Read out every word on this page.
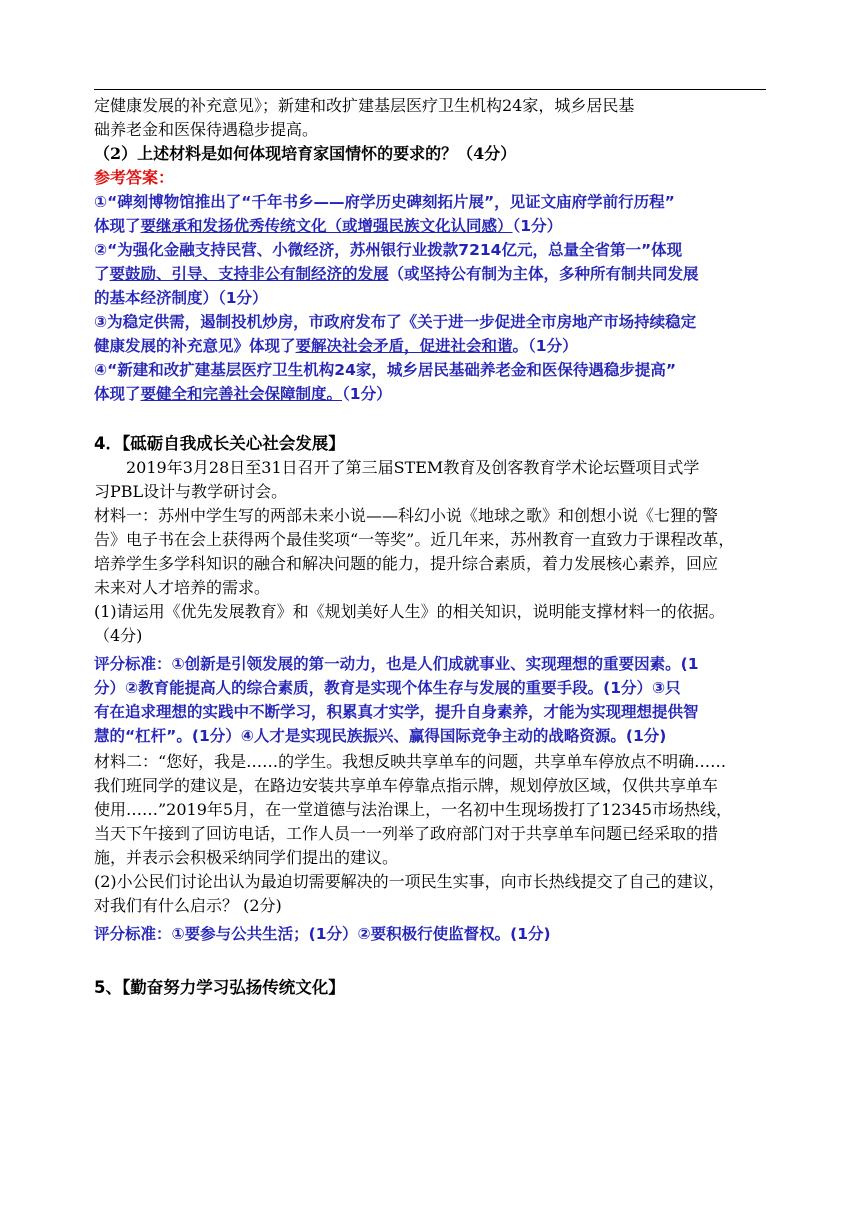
定健康发展的补充意见》；新建和改扩建基层医疗卫生机构24家，城乡居民基
础养老金和医保待遇稳步提高。
（2）上述材料是如何体现培育家国情怀的要求的？（4分）
参考答案：
①“碑刻博物馆推出了“千年书乡——府学历史碑刻拓片展”，见证文庙府学前行历程”
体现了要继承和发扬优秀传统文化（或增强民族文化认同感）（1分）
②“为强化金融支持民营、小微经济，苏州银行业拨款7214亿元，总量全省第一”体现
了要鼓励、引导、支持非公有制经济的发展（或坚持公有制为主体，多种所有制共同发展
的基本经济制度）（1分）
③为稳定供需，遏制投机炒房，市政府发布了《关于进一步促进全市房地产市场持续稳定
健康发展的补充意见》体现了要解决社会矛盾，促进社会和谐。（1分）
④“新建和改扩建基层医疗卫生机构24家，城乡居民基础养老金和医保待遇稳步提高”
体现了要健全和完善社会保障制度。（1分）
4．【砥砺自我成长关心社会发展】
2019年3月28日至31日召开了第三届STEM教育及创客教育学术论坛暨项目式学
习PBL设计与教学研讨会。
材料一：苏州中学生写的两部未来小说——科幻小说《地球之歌》和创想小说《七狸的警
告》电子书在会上获得两个最佳奖项“一等奖”。近几年来，苏州教育一直致力于课程改革，
培养学生多学科知识的融合和解决问题的能力，提升综合素质，着力发展核心素养，回应
未来对人才培养的需求。
(1)请运用《优先发展教育》和《规划美好人生》的相关知识，说明能支撑材料一的依据。
（4分)
评分标准：①创新是引领发展的第一动力，也是人们成就事业、实现理想的重要因素。(1
分）②教育能提高人的综合素质，教育是实现个体生存与发展的重要手段。(1分）③只
有在追求理想的实践中不断学习，积累真才实学，提升自身素养，才能为实现理想提供智
慧的“杠杆”。(1分）④人才是实现民族振兴、赢得国际竞争主动的战略资源。(1分)
材料二：“您好，我是……的学生。我想反映共享单车的问题，共享单车停放点不明确……
我们班同学的建议是，在路边安装共享单车停靠点指示牌，规划停放区域，仅供共享单车
使用……”2019年5月，在一堂道德与法治课上，一名初中生现场拨打了12345市场热线，
当天下午接到了回访电话，工作人员一一列举了政府部门对于共享单车问题已经采取的措
施，并表示会积极采纳同学们提出的建议。
(2)小公民们讨论出认为最迫切需要解决的一项民生实事，向市长热线提交了自己的建议，
对我们有什么启示？ (2分)
评分标准：①要参与公共生活；(1分）②要积极行使监督权。(1分)
5、【勤奋努力学习弘扬传统文化】
